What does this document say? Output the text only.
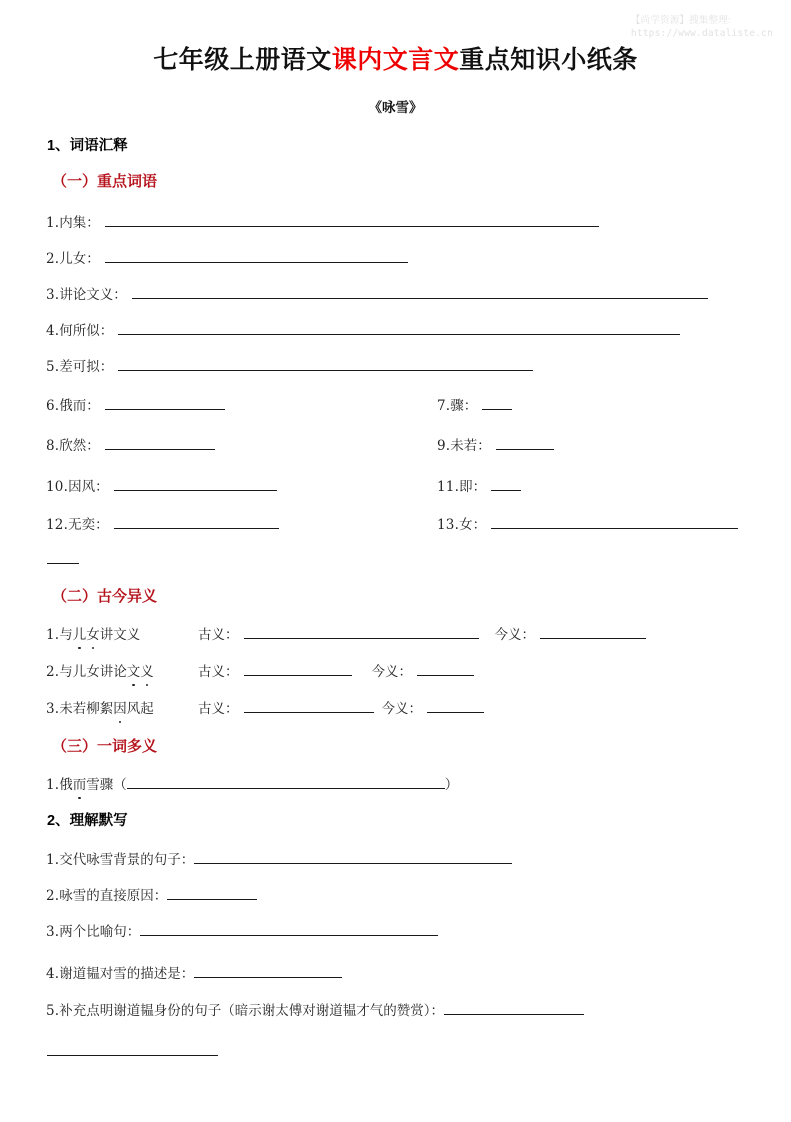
【尚学资源】搜集整理:
https://www.dataliste.cn
七年级上册语文课内文言文重点知识小纸条
《咏雪》
1、词语汇释
（一）重点词语
1.内集：
2.儿女：
3.讲论文义：
4.何所似：
5.差可拟：
6.俄而：	7.骤：
8.欣然：	9.未若：
10.因风：	11.即：
12.无奕：	13.女：
（二）古今异义
1.与儿女讲文义	古义：	今义：
2.与儿女讲论文义	古义：	今义：
3.未若柳絮因风起	古义：	今义：
（三）一词多义
1.俄而雪骤（	）
2、理解默写
1.交代咏雪背景的句子：
2.咏雪的直接原因：
3.两个比喻句：
4.谢道韫对雪的描述是：
5.补充点明谢道韫身份的句子（暗示谢太傅对谢道韫才气的赞赏）：
